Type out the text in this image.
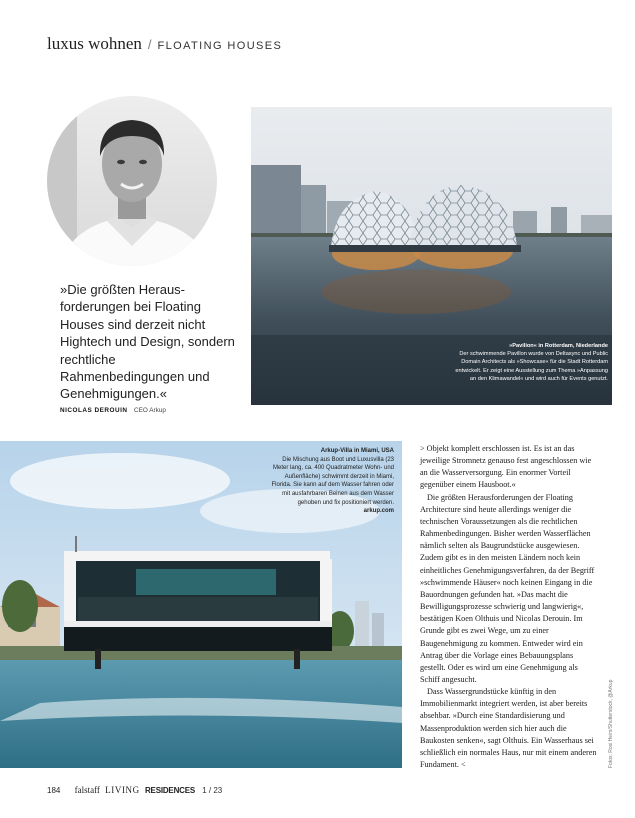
luxus wohnen / FLOATING HOUSES
»Die größten Herausforderungen bei Floating Houses sind derzeit nicht Hightech und Design, sondern rechtliche Rahmenbedingungen und Genehmigungen.«
NICOLAS DEROUIN CEO Arkup
»Pavilion« in Rotterdam, Niederlande
Der schwimmende Pavillon wurde von Deltasync und Public Domain Architects als »Showcase« für die Stadt Rotterdam entwickelt. Er zeigt eine Ausstellung zum Thema »Anpassung an den Klimawandel« und wird auch für Events genutzt.
Arkup-Villa in Miami, USA
Die Mischung aus Boot und Luxusvilla (23 Meter lang, ca. 400 Quadratmeter Wohn- und Außenfläche) schwimmt derzeit in Miami, Florida. Sie kann auf dem Wasser fahren oder mit ausfahrbaren Beinen aus dem Wasser gehoben und fix positioniert werden. arkup.com

> Objekt komplett erschlossen ist. Es ist an das jeweilige Stromnetz genauso fest angeschlossen wie an die Wasserversorgung. Ein enormer Vorteil gegenüber einem Hausboot.«

Die größten Herausforderungen der Floating Architecture sind heute allerdings weniger die technischen Voraussetzungen als die rechtlichen Rahmenbedingungen. Bisher werden Wasserflächen nämlich selten als Baugrundstücke ausgewiesen. Zudem gibt es in den meisten Ländern noch kein einheitliches Genehmigungsverfahren, da der Begriff »schwimmende Häuser« noch keinen Eingang in die Bauordnungen gefunden hat. »Das macht die Bewilligungsprozesse schwierig und langwierig«, bestätigen Koen Olthuis und Nicolas Derouin. Im Grunde gibt es zwei Wege, um zu einer Baugenehmigung zu kommen. Entweder wird ein Antrag über die Vorlage eines Bebauungsplans gestellt. Oder es wird um eine Genehmigung als Schiff angesucht.

Dass Wassergrundstücke künftig in den Immobilienmarkt integriert werden, ist aber bereits absehbar. »Durch eine Standardisierung und Massenproduktion werden sich hier auch die Baukosten senken«, sagt Olthuis. Ein Wasserhaus sei schließlich ein normales Haus, nur mit einem anderen Fundament. <	Fotos: Rosi Heim/Shutterstock, @Arkup
184 falstaff LIVING RESIDENCES 1 / 23
